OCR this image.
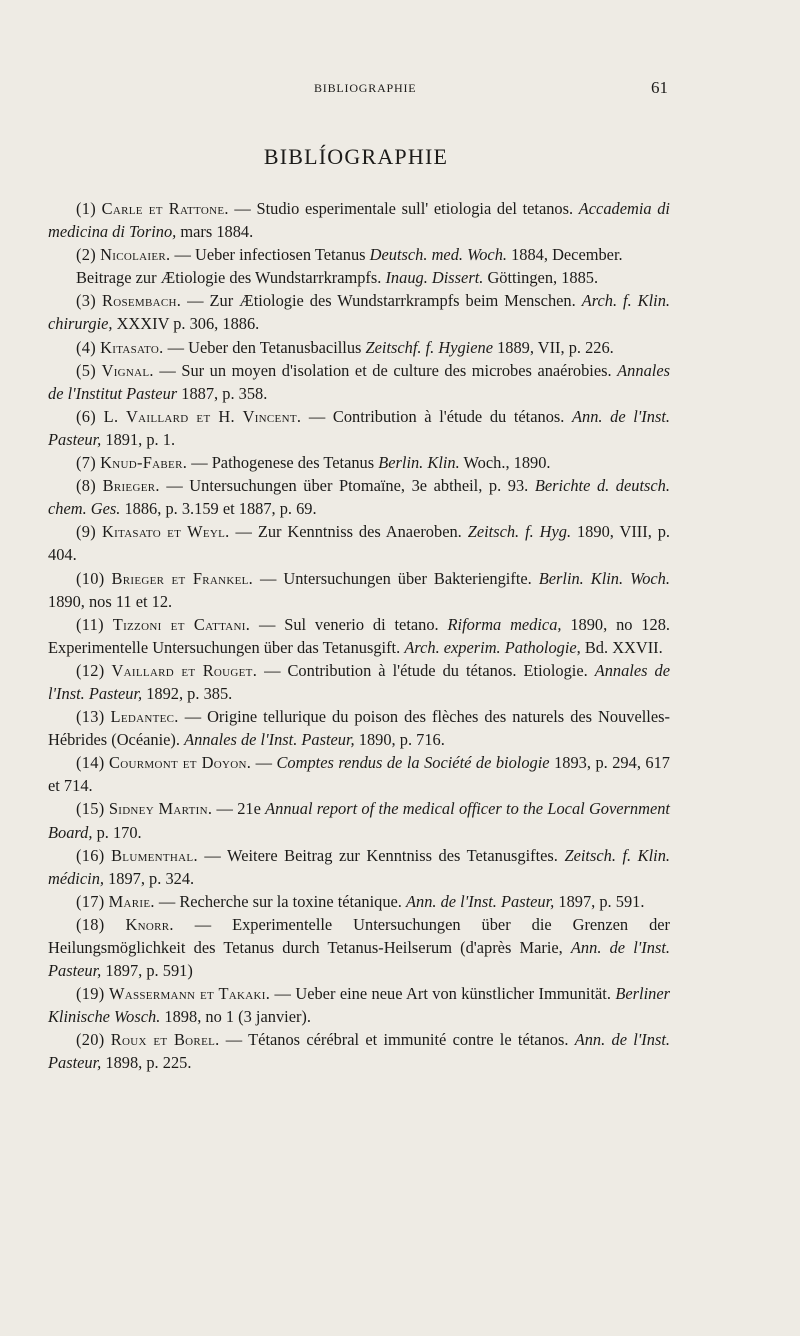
BIBLIOGRAPHIE	61
BIBLÍOGRAPHIE

(1) Carle et Rattone. — Studio esperimentale sull' etiologia del tetanos. Accademia di medicina di Torino, mars 1884.

(2) Nicolaier. — Ueber infectiosen Tetanus Deutsch. med. Woch. 1884, December.

Beitrage zur Ætiologie des Wundstarrkrampfs. Inaug. Dissert. Göttingen, 1885.

(3) Rosembach. — Zur Ætiologie des Wundstarrkrampfs beim Menschen. Arch. f. Klin. chirurgie, XXXIV p. 306, 1886.

(4) Kitasato. — Ueber den Tetanusbacillus Zeitschf. f. Hygiene 1889, VII, p. 226.

(5) Vignal. — Sur un moyen d'isolation et de culture des microbes anaérobies. Annales de l'Institut Pasteur 1887, p. 358.

(6) L. Vaillard et H. Vincent. — Contribution à l'étude du tétanos. Ann. de l'Inst. Pasteur, 1891, p. 1.

(7) Knud-Faber. — Pathogenese des Tetanus Berlin. Klin. Woch., 1890.

(8) Brieger. — Untersuchungen über Ptomaïne, 3e abtheil, p. 93. Berichte d. deutsch. chem. Ges. 1886, p. 3.159 et 1887, p. 69.

(9) Kitasato et Weyl. — Zur Kenntniss des Anaeroben. Zeitsch. f. Hyg. 1890, VIII, p. 404.

(10) Brieger et Frankel. — Untersuchungen über Bakteriengifte. Berlin. Klin. Woch. 1890, nos 11 et 12.

(11) Tizzoni et Cattani. — Sul venerio di tetano. Riforma medica, 1890, no 128. Experimentelle Untersuchungen über das Tetanusgift. Arch. experim. Pathologie, Bd. XXVII.

(12) Vaillard et Rouget. — Contribution à l'étude du tétanos. Etiologie. Annales de l'Inst. Pasteur, 1892, p. 385.

(13) Ledantec. — Origine tellurique du poison des flèches des naturels des Nouvelles-Hébrides (Océanie). Annales de l'Inst. Pasteur, 1890, p. 716.

(14) Courmont et Doyon. — Comptes rendus de la Société de biologie 1893, p. 294, 617 et 714.

(15) Sidney Martin. — 21e Annual report of the medical officer to the Local Government Board, p. 170.

(16) Blumenthal. — Weitere Beitrag zur Kenntniss des Tetanusgiftes. Zeitsch. f. Klin. médicin, 1897, p. 324.

(17) Marie. — Recherche sur la toxine tétanique. Ann. de l'Inst. Pasteur, 1897, p. 591.

(18) Knorr. — Experimentelle Untersuchungen über die Grenzen der Heilungsmöglichkeit des Tetanus durch Tetanus-Heilserum (d'après Marie, Ann. de l'Inst. Pasteur, 1897, p. 591)

(19) Wassermann et Takaki. — Ueber eine neue Art von künstlicher Immunität. Berliner Klinische Wosch. 1898, no 1 (3 janvier).

(20) Roux et Borel. — Tétanos cérébral et immunité contre le tétanos. Ann. de l'Inst. Pasteur, 1898, p. 225.
